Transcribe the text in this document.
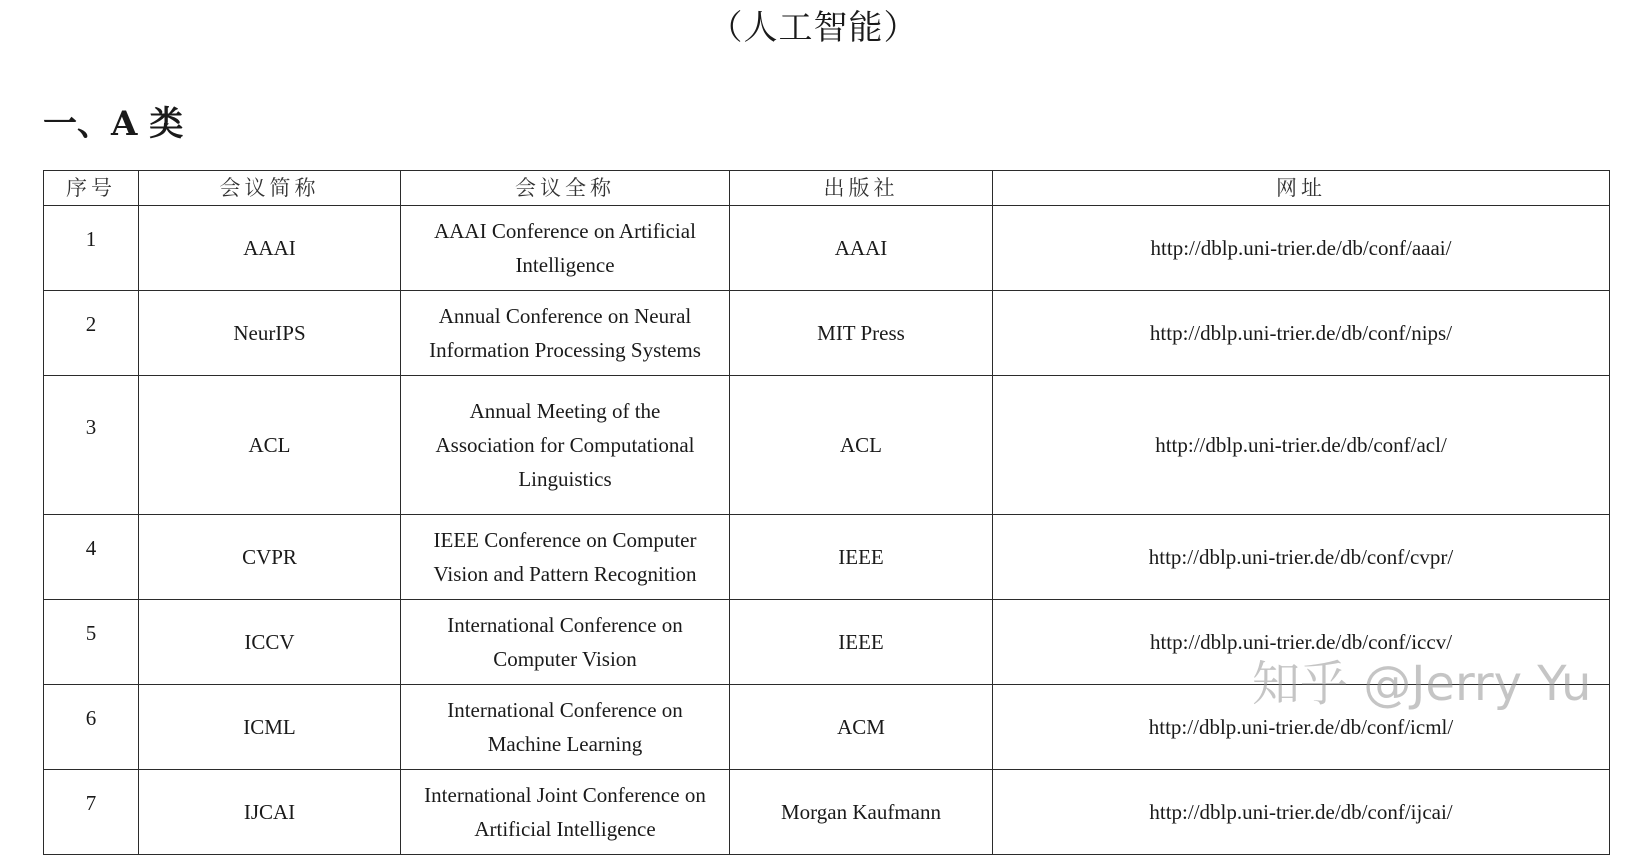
（人工智能）
一、A 类
序号	会议简称	会议全称	出版社	网址
1	AAAI	AAAI Conference on Artificial
Intelligence	AAAI	http://dblp.uni-trier.de/db/conf/aaai/
2	NeurIPS	Annual Conference on Neural
Information Processing Systems	MIT Press	http://dblp.uni-trier.de/db/conf/nips/
3	ACL	Annual Meeting of the
Association for Computational
Linguistics	ACL	http://dblp.uni-trier.de/db/conf/acl/
4	CVPR	IEEE Conference on Computer
Vision and Pattern Recognition	IEEE	http://dblp.uni-trier.de/db/conf/cvpr/
5	ICCV	International Conference on
Computer Vision	IEEE	http://dblp.uni-trier.de/db/conf/iccv/
6	ICML	International Conference on
Machine Learning	ACM	http://dblp.uni-trier.de/db/conf/icml/
7	IJCAI	International Joint Conference on
Artificial Intelligence	Morgan Kaufmann	http://dblp.uni-trier.de/db/conf/ijcai/
知乎 @Jerry Yu
